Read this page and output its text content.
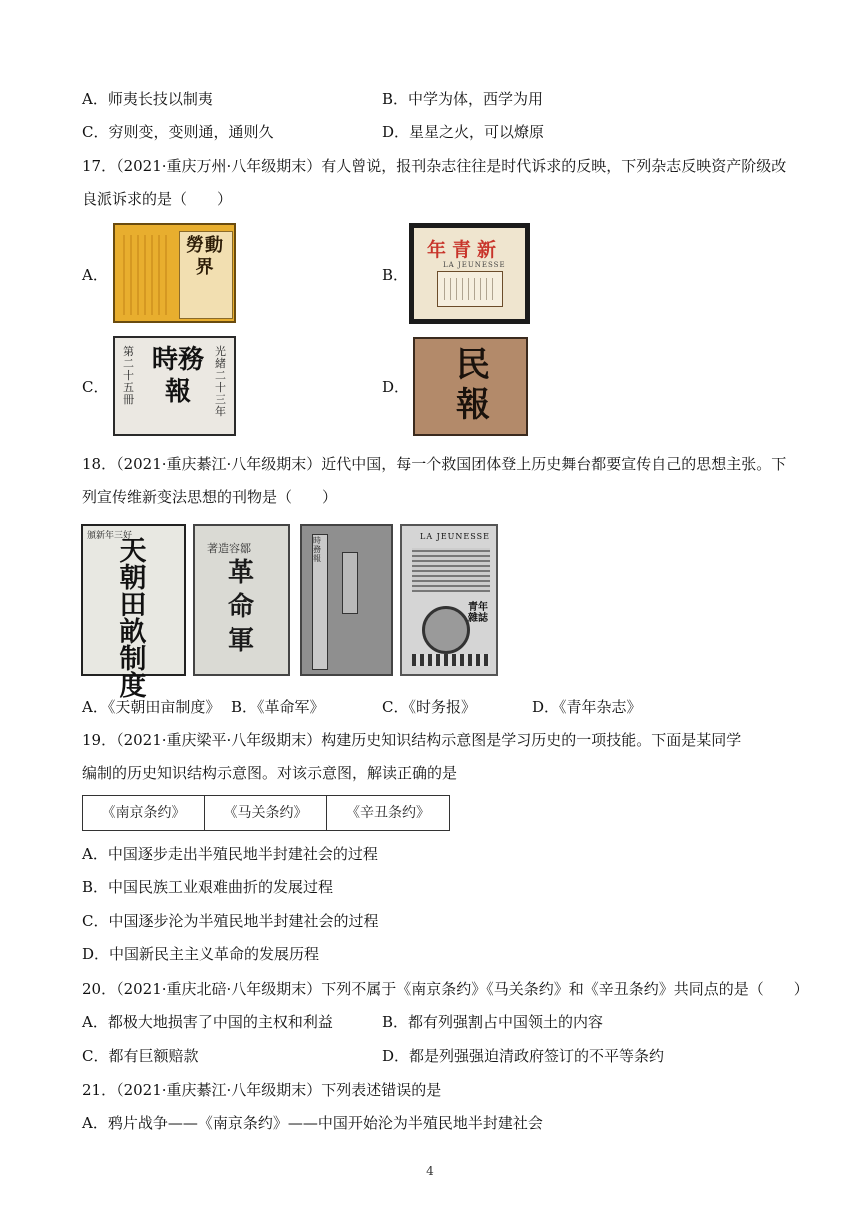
A．师夷长技以制夷	B．中学为体，西学为用
C．穷则变，变则通，通则久	D．星星之火，可以燎原
17．（2021·重庆万州·八年级期末）有人曾说，报刊杂志往往是时代诉求的反映，下列杂志反映资产阶级改
良派诉求的是（　　）
A．
勞動界	B．
年青新
LA JEUNESSE
C．
第二十五冊
時務報
光緒二十三年
D．
民報
18．（2021·重庆綦江·八年级期末）近代中国，每一个救国团体登上历史舞台都要宣传自己的思想主张。下
列宣传维新变法思想的刊物是（　　）
頒新年三好
天朝田畝制度
著造容鄒
革命軍
時務報
LA JEUNESSE
青年雜誌
A．《天朝田亩制度》 B．《革命军》	C．《时务报》	D．《青年杂志》
19．（2021·重庆梁平·八年级期末）构建历史知识结构示意图是学习历史的一项技能。下面是某同学
编制的历史知识结构示意图。对该示意图，解读正确的是
《南京条约》	《马关条约》	《辛丑条约》
A．中国逐步走出半殖民地半封建社会的过程
B．中国民族工业艰难曲折的发展过程
C．中国逐步沦为半殖民地半封建社会的过程
D．中国新民主主义革命的发展历程
20．（2021·重庆北碚·八年级期末）下列不属于《南京条约》《马关条约》和《辛丑条约》共同点的是（　　）
A．都极大地损害了中国的主权和利益	B．都有列强割占中国领土的内容
C．都有巨额赔款	D．都是列强强迫清政府签订的不平等条约
21．（2021·重庆綦江·八年级期末）下列表述错误的是
A．鸦片战争——《南京条约》——中国开始沦为半殖民地半封建社会
4
